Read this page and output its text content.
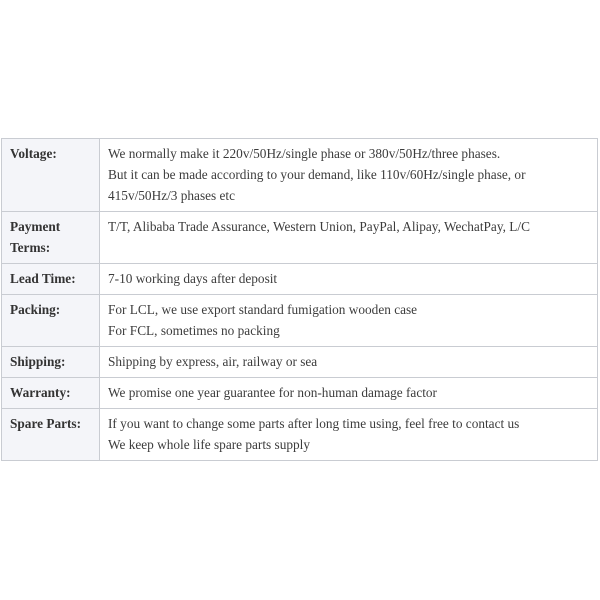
Voltage:	We normally make it 220v/50Hz/single phase or 380v/50Hz/three phases.
But it can be made according to your demand, like 110v/60Hz/single phase, or 415v/50Hz/3 phases etc

Payment Terms:	T/T, Alibaba Trade Assurance, Western Union, PayPal, Alipay, WechatPay, L/C

Lead Time:	7-10 working days after deposit

Packing:	For LCL, we use export standard fumigation wooden case
For FCL, sometimes no packing

Shipping:	Shipping by express, air, railway or sea

Warranty:	We promise one year guarantee for non-human damage factor

Spare Parts:	If you want to change some parts after long time using, feel free to contact us
We keep whole life spare parts supply
